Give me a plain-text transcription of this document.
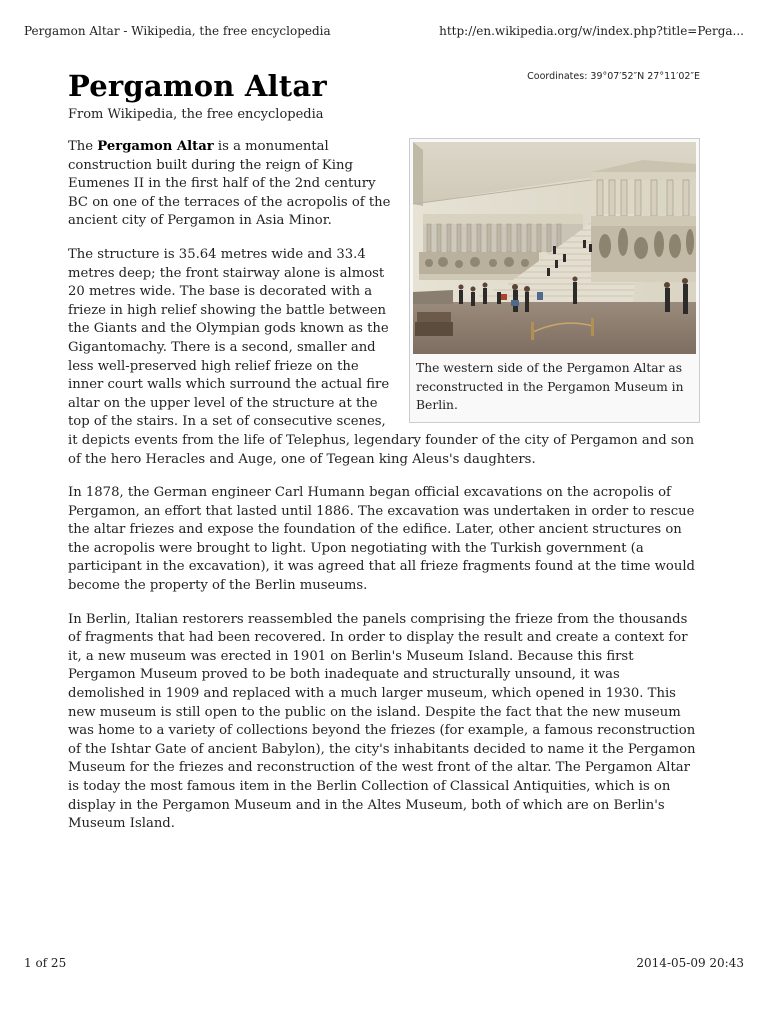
Pergamon Altar - Wikipedia, the free encyclopedia	http://en.wikipedia.org/w/index.php?title=Perga...
Coordinates: 39°07′52″N 27°11′02″E
Pergamon Altar
From Wikipedia, the free encyclopedia
The western side of the Pergamon Altar as reconstructed in the Pergamon Museum in Berlin.

The Pergamon Altar is a monumental construction built during the reign of King Eumenes II in the first half of the 2nd century BC on one of the terraces of the acropolis of the ancient city of Pergamon in Asia Minor.

The structure is 35.64 metres wide and 33.4 metres deep; the front stairway alone is almost 20 metres wide. The base is decorated with a frieze in high relief showing the battle between the Giants and the Olympian gods known as the Gigantomachy. There is a second, smaller and less well-preserved high relief frieze on the inner court walls which surround the actual fire altar on the upper level of the structure at the top of the stairs. In a set of consecutive scenes, it depicts events from the life of Telephus, legendary founder of the city of Pergamon and son of the hero Heracles and Auge, one of Tegean king Aleus's daughters.

In 1878, the German engineer Carl Humann began official excavations on the acropolis of Pergamon, an effort that lasted until 1886. The excavation was undertaken in order to rescue the altar friezes and expose the foundation of the edifice. Later, other ancient structures on the acropolis were brought to light. Upon negotiating with the Turkish government (a participant in the excavation), it was agreed that all frieze fragments found at the time would become the property of the Berlin museums.

In Berlin, Italian restorers reassembled the panels comprising the frieze from the thousands of fragments that had been recovered. In order to display the result and create a context for it, a new museum was erected in 1901 on Berlin's Museum Island. Because this first Pergamon Museum proved to be both inadequate and structurally unsound, it was demolished in 1909 and replaced with a much larger museum, which opened in 1930. This new museum is still open to the public on the island. Despite the fact that the new museum was home to a variety of collections beyond the friezes (for example, a famous reconstruction of the Ishtar Gate of ancient Babylon), the city's inhabitants decided to name it the Pergamon Museum for the friezes and reconstruction of the west front of the altar. The Pergamon Altar is today the most famous item in the Berlin Collection of Classical Antiquities, which is on display in the Pergamon Museum and in the Altes Museum, both of which are on Berlin's Museum Island.

1 of 25	2014-05-09 20:43
